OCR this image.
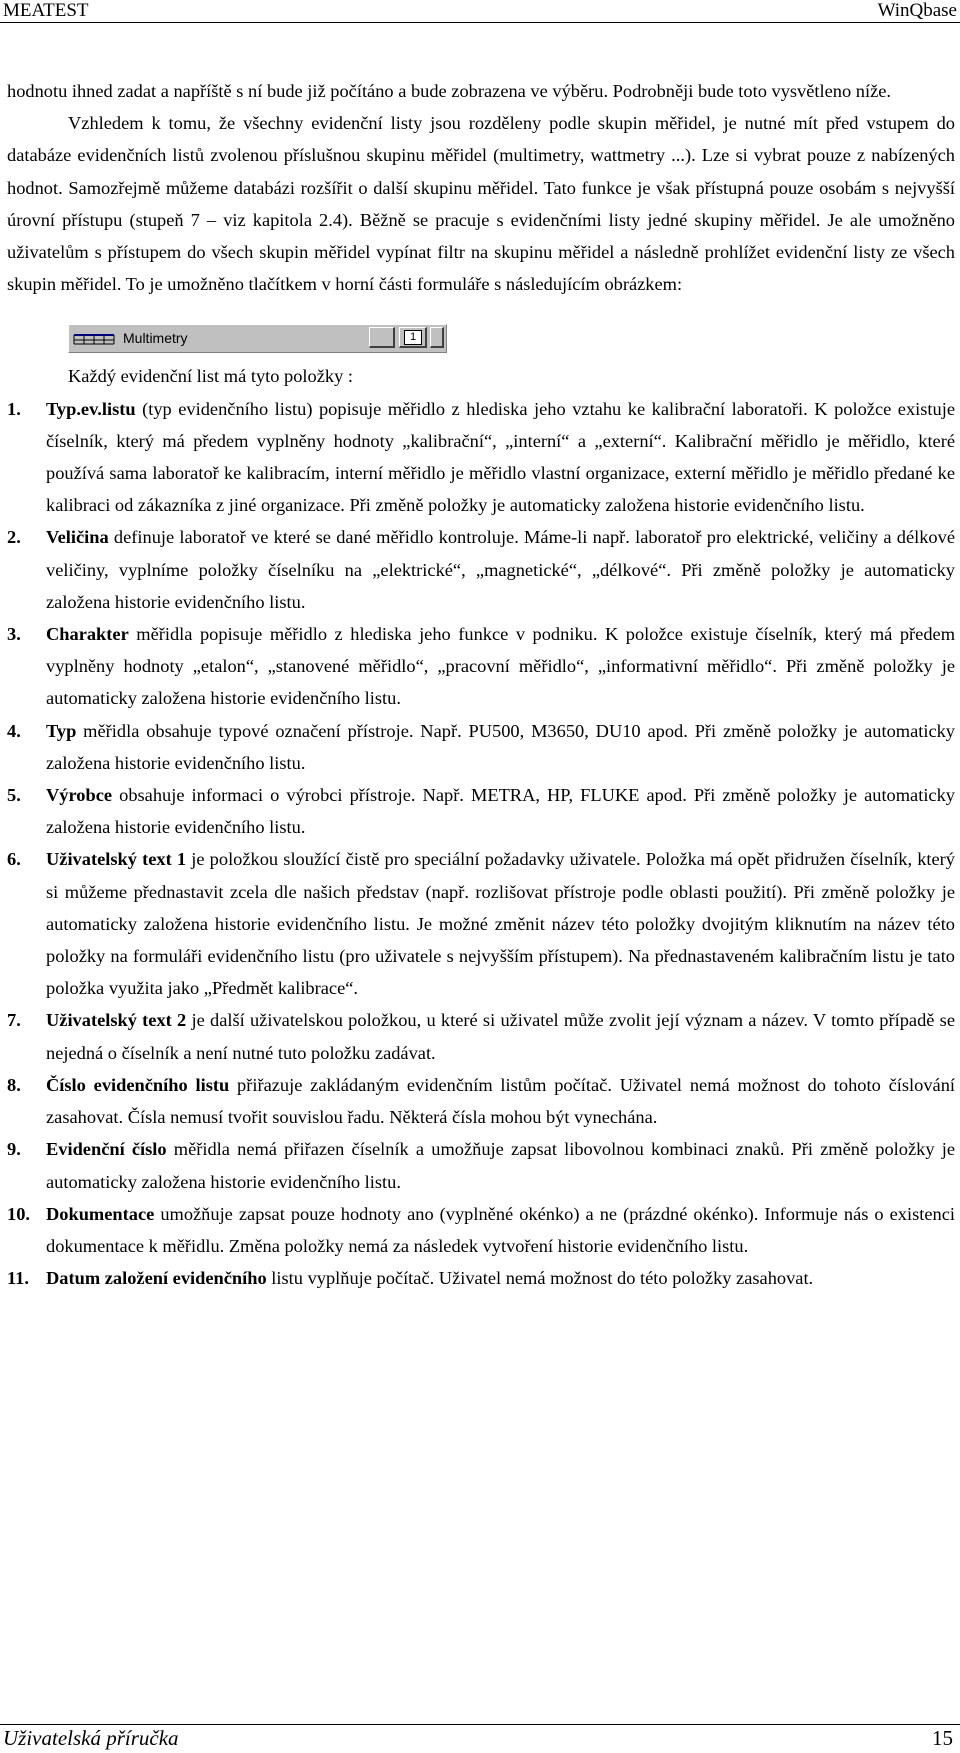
MEATEST	WinQbase

hodnotu ihned zadat a napříště s ní bude již počítáno a bude zobrazena ve výběru. Podrobněji bude toto vysvětleno níže.

Vzhledem k tomu, že všechny evidenční listy jsou rozděleny podle skupin měřidel, je nutné mít před vstupem do databáze evidenčních listů zvolenou příslušnou skupinu měřidel (multimetry, wattmetry ...). Lze si vybrat pouze z nabízených hodnot. Samozřejmě můžeme databázi rozšířit o další skupinu měřidel. Tato funkce je však přístupná pouze osobám s nejvyšší úrovní přístupu (stupeň 7 – viz kapitola 2.4). Běžně se pracuje s evidenčními listy jedné skupiny měřidel. Je ale umožněno uživatelům s přístupem do všech skupin měřidel vypínat filtr na skupinu měřidel a následně prohlížet evidenční listy ze všech skupin měřidel. To je umožněno tlačítkem v horní části formuláře s následujícím obrázkem:

Multimetry	1

Každý evidenční list má tyto položky :

1. Typ.ev.listu (typ evidenčního listu) popisuje měřidlo z hlediska jeho vztahu ke kalibrační laboratoři. K položce existuje číselník, který má předem vyplněny hodnoty „kalibrační“, „interní“ a „externí“. Kalibrační měřidlo je měřidlo, které používá sama laboratoř ke kalibracím, interní měřidlo je měřidlo vlastní organizace, externí měřidlo je měřidlo předané ke kalibraci od zákazníka z jiné organizace. Při změně položky je automaticky založena historie evidenčního listu.
2. Veličina definuje laboratoř ve které se dané měřidlo kontroluje. Máme-li např. laboratoř pro elektrické, veličiny a délkové veličiny, vyplníme položky číselníku na „elektrické“, „magnetické“, „délkové“. Při změně položky je automaticky založena historie evidenčního listu.
3. Charakter měřidla popisuje měřidlo z hlediska jeho funkce v podniku. K položce existuje číselník, který má předem vyplněny hodnoty „etalon“, „stanovené měřidlo“, „pracovní měřidlo“, „informativní měřidlo“. Při změně položky je automaticky založena historie evidenčního listu.
4. Typ měřidla obsahuje typové označení přístroje. Např. PU500, M3650, DU10 apod. Při změně položky je automaticky založena historie evidenčního listu.
5. Výrobce obsahuje informaci o výrobci přístroje. Např. METRA, HP, FLUKE apod. Při změně položky je automaticky založena historie evidenčního listu.
6. Uživatelský text 1 je položkou sloužící čistě pro speciální požadavky uživatele. Položka má opět přidružen číselník, který si můžeme přednastavit zcela dle našich představ (např. rozlišovat přístroje podle oblasti použití). Při změně položky je automaticky založena historie evidenčního listu. Je možné změnit název této položky dvojitým kliknutím na název této položky na formuláři evidenčního listu (pro uživatele s nejvyšším přístupem). Na přednastaveném kalibračním listu je tato položka využita jako „Předmět kalibrace“.
7. Uživatelský text 2 je další uživatelskou položkou, u které si uživatel může zvolit její význam a název. V tomto případě se nejedná o číselník a není nutné tuto položku zadávat.
8. Číslo evidenčního listu přiřazuje zakládaným evidenčním listům počítač. Uživatel nemá možnost do tohoto číslování zasahovat. Čísla nemusí tvořit souvislou řadu. Některá čísla mohou být vynechána.
9. Evidenční číslo měřidla nemá přiřazen číselník a umožňuje zapsat libovolnou kombinaci znaků. Při změně položky je automaticky založena historie evidenčního listu.
10. Dokumentace umožňuje zapsat pouze hodnoty ano (vyplněné okénko) a ne (prázdné okénko). Informuje nás o existenci dokumentace k měřidlu. Změna položky nemá za následek vytvoření historie evidenčního listu.
11. Datum založení evidenčního listu vyplňuje počítač. Uživatel nemá možnost do této položky zasahovat.
Uživatelská příručka	15
